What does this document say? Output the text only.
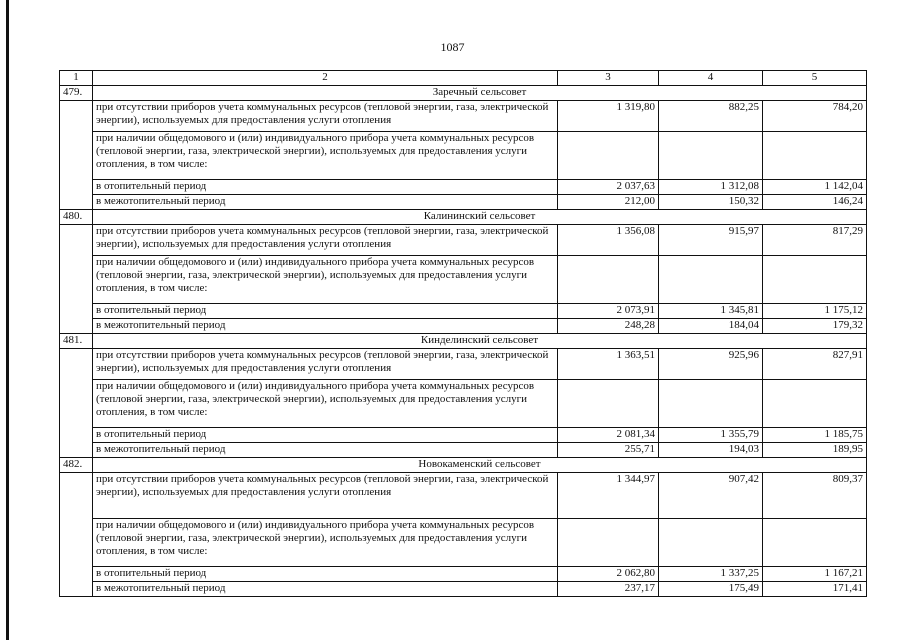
1087
1	2	3	4	5
479.	Заречный сельсовет			
	при отсутствии приборов учета коммунальных ресурсов (тепловой энергии, газа, электрической энергии), используемых для предоставления услуги отопления	1 319,80	882,25	784,20
	при наличии общедомового и (или) индивидуального прибора учета коммунальных ресурсов (тепловой энергии, газа, электрической энергии), используемых для предоставления услуги отопления, в том числе:			
	в отопительный период	2 037,63	1 312,08	1 142,04
	в межотопительный период	212,00	150,32	146,24
480.	Калининский сельсовет			
	при отсутствии приборов учета коммунальных ресурсов (тепловой энергии, газа, электрической энергии), используемых для предоставления услуги отопления	1 356,08	915,97	817,29
	при наличии общедомового и (или) индивидуального прибора учета коммунальных ресурсов (тепловой энергии, газа, электрической энергии), используемых для предоставления услуги отопления, в том числе:			
	в отопительный период	2 073,91	1 345,81	1 175,12
	в межотопительный период	248,28	184,04	179,32
481.	Кинделинский сельсовет			
	при отсутствии приборов учета коммунальных ресурсов (тепловой энергии, газа, электрической энергии), используемых для предоставления услуги отопления	1 363,51	925,96	827,91
	при наличии общедомового и (или) индивидуального прибора учета коммунальных ресурсов (тепловой энергии, газа, электрической энергии), используемых для предоставления услуги отопления, в том числе:			
	в отопительный период	2 081,34	1 355,79	1 185,75
	в межотопительный период	255,71	194,03	189,95
482.	Новокаменский сельсовет			
	при отсутствии приборов учета коммунальных ресурсов (тепловой энергии, газа, электрической энергии), используемых для предоставления услуги отопления	1 344,97	907,42	809,37
	при наличии общедомового и (или) индивидуального прибора учета коммунальных ресурсов (тепловой энергии, газа, электрической энергии), используемых для предоставления услуги отопления, в том числе:			
	в отопительный период	2 062,80	1 337,25	1 167,21
	в межотопительный период	237,17	175,49	171,41
